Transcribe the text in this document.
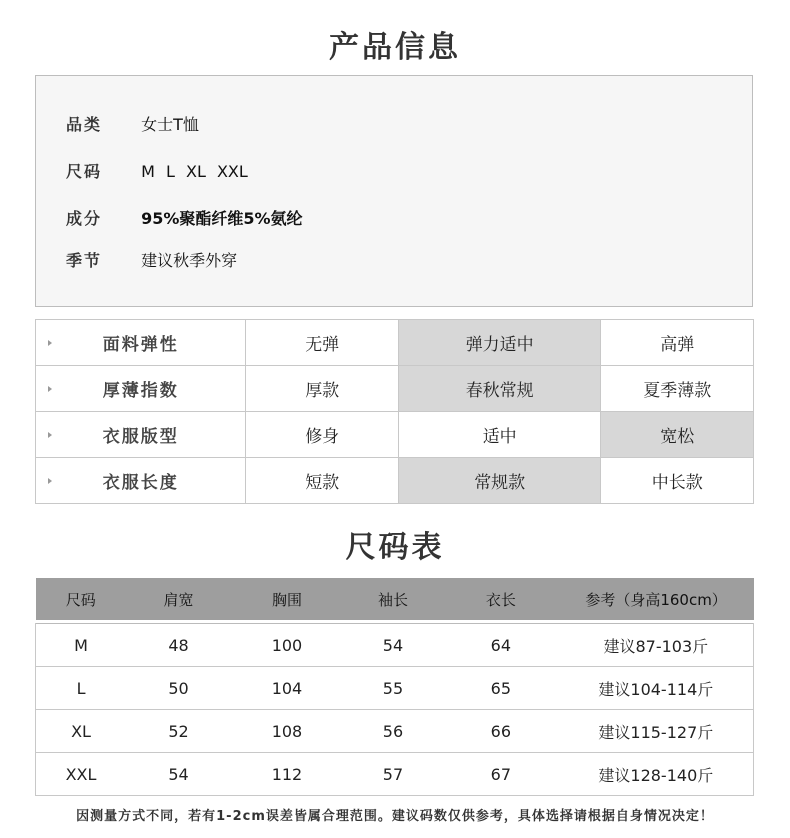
产品信息
品类 女士T恤
尺码 M L XL XXL
成分 95%聚酯纤维5%氨纶
季节 建议秋季外穿
面料弹性	无弹	弹力适中	高弹

厚薄指数	厚款	春秋常规	夏季薄款

衣服版型	修身	适中	宽松

衣服长度	短款	常规款	中长款
尺码表
尺码	肩宽	胸围	袖长	衣长	参考（身高160cm）

M	48	100	54	64	建议87-103斤
L	50	104	55	65	建议104-114斤
XL	52	108	56	66	建议115-127斤
XXL	54	112	57	67	建议128-140斤
因测量方式不同，若有1-2cm误差皆属合理范围。建议码数仅供参考，具体选择请根据自身情况决定！
